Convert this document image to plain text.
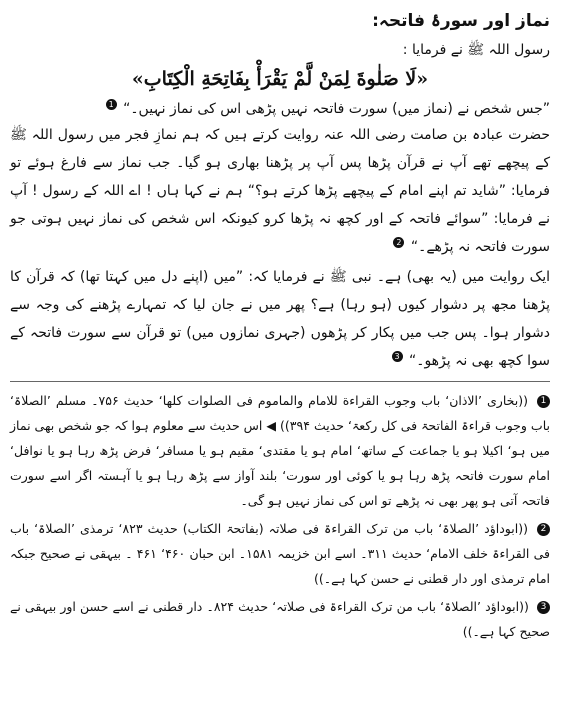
نماز اور سورۂ فاتحہ:

رسول اللہ ﷺ نے فرمایا :

«لَا صَلٰوةَ لِمَنْ لَّمْ يَقْرَأْ بِفَاتِحَةِ الْكِتَابِ»

”جس شخص نے (نماز میں) سورت فاتحہ نہیں پڑھی اس کی نماز نہیں۔“ 1

حضرت عبادہ بن صامت رضی اللہ عنہ روایت کرتے ہیں کہ ہم نمازِ فجر میں رسول اللہ ﷺ کے پیچھے تھے آپ نے قرآن پڑھا پس آپ پر پڑھنا بھاری ہو گیا۔ جب نماز سے فارغ ہوئے تو فرمایا: ”شاید تم اپنے امام کے پیچھے پڑھا کرتے ہو؟“ ہم نے کہا ہاں ! اے اللہ کے رسول ! آپ نے فرمایا: ”سوائے فاتحہ کے اور کچھ نہ پڑھا کرو کیونکہ اس شخص کی نماز نہیں ہوتی جو سورت فاتحہ نہ پڑھے۔“ 2

ایک روایت میں (یہ بھی) ہے۔ نبی ﷺ نے فرمایا کہ: ”میں (اپنے دل میں کہتا تھا) کہ قرآن کا پڑھنا مجھ پر دشوار کیوں (ہو رہا) ہے؟ پھر میں نے جان لیا کہ تمہارے پڑھنے کی وجہ سے دشوار ہوا۔ پس جب میں پکار کر پڑھوں (جہری نمازوں میں) تو قرآن سے سورت فاتحہ کے سوا کچھ بھی نہ پڑھو۔“ 3

1 ((بخاری ’الاذان‘ باب وجوب القراءة للامام والماموم فی الصلوات کلھا‘ حدیث ۷۵۶۔ مسلم ’الصلاۃ‘ باب وجوب قراءۃ الفاتحۃ فی کل رکعۃ‘ حدیث ۳۹۴)) ◀ اس حدیث سے معلوم ہوا کہ جو شخص بھی نماز میں ہو‘ اکیلا ہو یا جماعت کے ساتھ‘ امام ہو یا مقتدی‘ مقیم ہو یا مسافر‘ فرض پڑھ رہا ہو یا نوافل‘ امام سورت فاتحہ پڑھ رہا ہو یا کوئی اور سورت‘ بلند آواز سے پڑھ رہا ہو یا آہستہ اگر اسے سورت فاتحہ آتی ہو پھر بھی نہ پڑھے تو اس کی نماز نہیں ہو گی۔

2 ((ابوداؤد ’الصلاۃ‘ باب من ترک القراءۃ فی صلاتہ (بفاتحۃ الکتاب) حدیث ۸۲۳‘ ترمذی ’الصلاۃ‘ باب فی القراءۃ خلف الامام‘ حدیث ۳۱۱۔ اسے ابن خزیمہ ۱۵۸۱۔ ابن حبان ۴۶۰‘ ۴۶۱ ۔ بیہقی نے صحیح جبکہ امام ترمذی اور دار قطنی نے حسن کہا ہے۔))

3 ((ابوداؤد ’الصلاۃ‘ باب من ترک القراءۃ فی صلاتہ‘ حدیث ۸۲۴۔ دار قطنی نے اسے حسن اور بیہقی نے صحیح کہا ہے۔))
